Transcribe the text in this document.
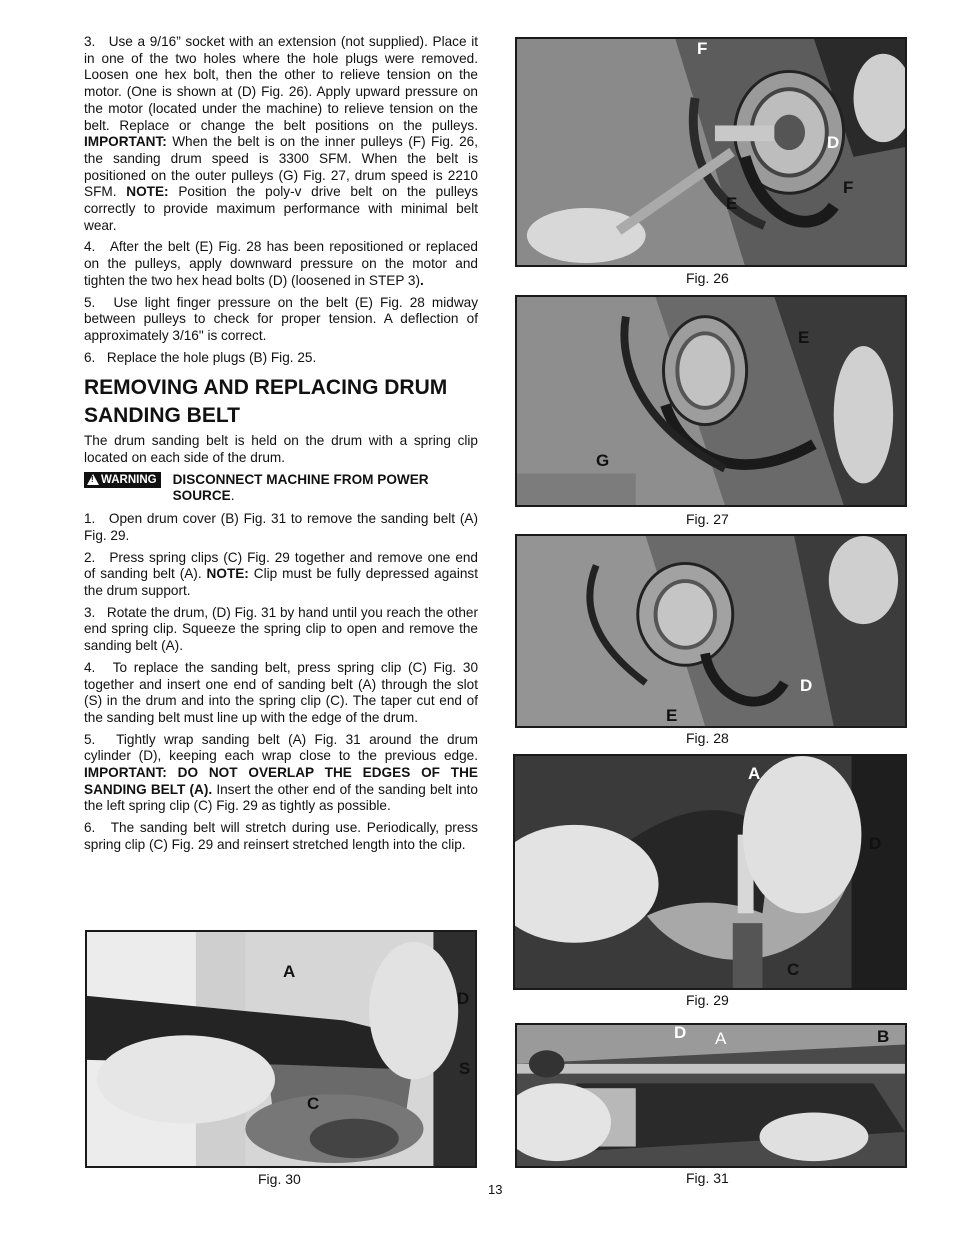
3. Use a 9/16” socket with an extension (not supplied). Place it in one of the two holes where the hole plugs were removed. Loosen one hex bolt, then the other to relieve tension on the motor. (One is shown at (D) Fig. 26). Apply upward pressure on the motor (located under the machine) to relieve tension on the belt. Replace or change the belt positions on the pulleys. IMPORTANT: When the belt is on the inner pulleys (F) Fig. 26, the sanding drum speed is 3300 SFM. When the belt is positioned on the outer pulleys (G) Fig. 27, drum speed is 2210 SFM. NOTE: Position the poly-v drive belt on the pulleys correctly to provide maximum performance with minimal belt wear.

4. After the belt (E) Fig. 28 has been repositioned or replaced on the pulleys, apply downward pressure on the motor and tighten the two hex head bolts (D) (loosened in STEP 3).

5. Use light finger pressure on the belt (E) Fig. 28 midway between pulleys to check for proper tension. A deflection of approximately 3/16" is correct.

6. Replace the hole plugs (B) Fig. 25.

REMOVING AND REPLACING DRUM SANDING BELT

The drum sanding belt is held on the drum with a spring clip located on each side of the drum.

! WARNING DISCONNECT MACHINE FROM POWER SOURCE.

1. Open drum cover (B) Fig. 31 to remove the sanding belt (A) Fig. 29.

2. Press spring clips (C) Fig. 29 together and remove one end of sanding belt (A). NOTE: Clip must be fully depressed against the drum support.

3. Rotate the drum, (D) Fig. 31 by hand until you reach the other end spring clip. Squeeze the spring clip to open and remove the sanding belt (A).

4. To replace the sanding belt, press spring clip (C) Fig. 30 together and insert one end of sanding belt (A) through the slot (S) in the drum and into the spring clip (C). The taper cut end of the sanding belt must line up with the edge of the drum.

5. Tightly wrap sanding belt (A) Fig. 31 around the drum cylinder (D), keeping each wrap close to the previous edge. IMPORTANT: DO NOT OVERLAP THE EDGES OF THE SANDING BELT (A). Insert the other end of the sanding belt into the left spring clip (C) Fig. 29 as tightly as possible.

6. The sanding belt will stretch during use. Periodically, press spring clip (C) Fig. 29 and reinsert stretched length into the clip.

F
D
F
E
Fig. 26
E
G
Fig. 27
D
E
Fig. 28
A
D
C
Fig. 29
A
D
S
C
Fig. 30
D A	B
Fig. 31
13
